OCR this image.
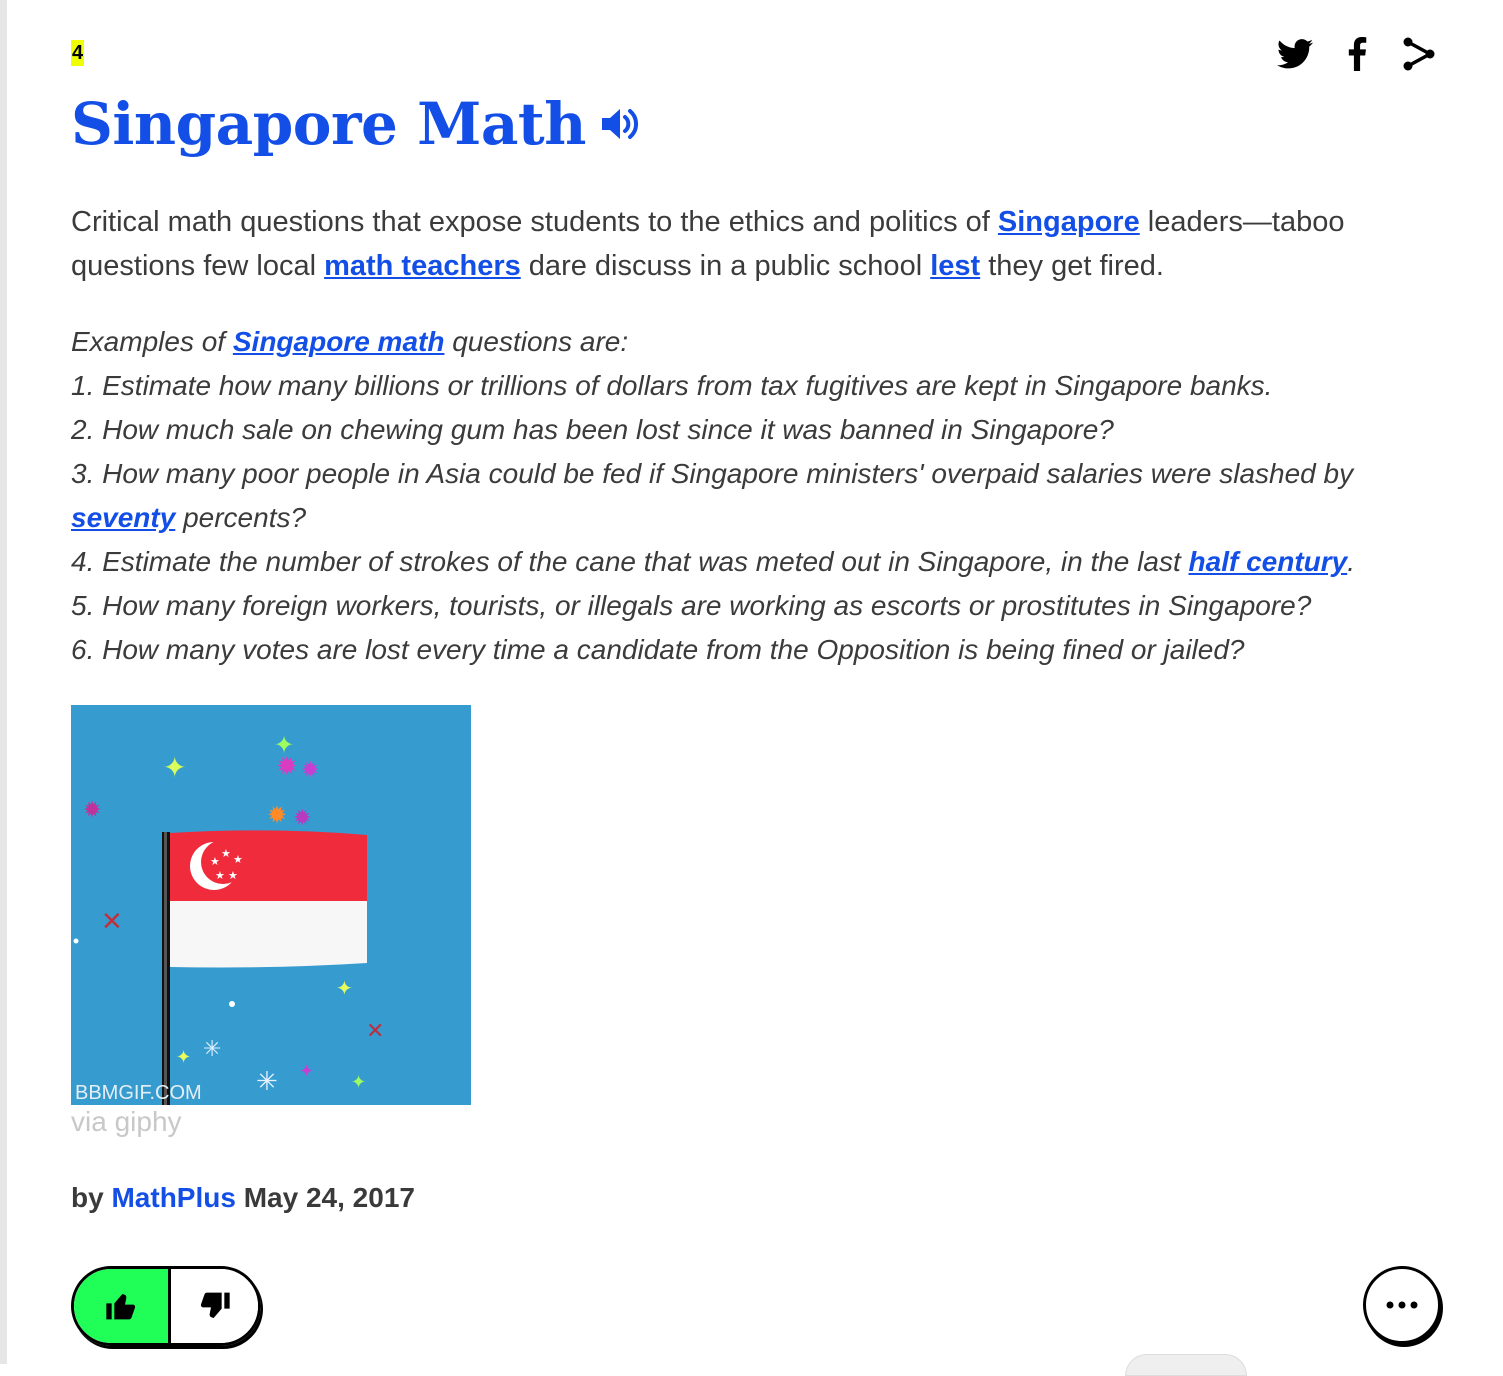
4
Singapore Math
Critical math questions that expose students to the ethics and politics of Singapore leaders—taboo questions few local math teachers dare discuss in a public school lest they get fired.
Examples of Singapore math questions are:
1. Estimate how many billions or trillions of dollars from tax fugitives are kept in Singapore banks.
2. How much sale on chewing gum has been lost since it was banned in Singapore?
3. How many poor people in Asia could be fed if Singapore ministers' overpaid salaries were slashed by seventy percents?
4. Estimate the number of strokes of the cane that was meted out in Singapore, in the last half century.
5. How many foreign workers, tourists, or illegals are working as escorts or prostitutes in Singapore?
6. How many votes are lost every time a candidate from the Opposition is being fined or jailed?
★ ★
★
★ ★
✦
✹
✦
✹ ✹
✹ ✹
✕
✦
✕
✦ ✳
✳ ✦
✦
BBMGIF.COM
via giphy
by MathPlus May 24, 2017
